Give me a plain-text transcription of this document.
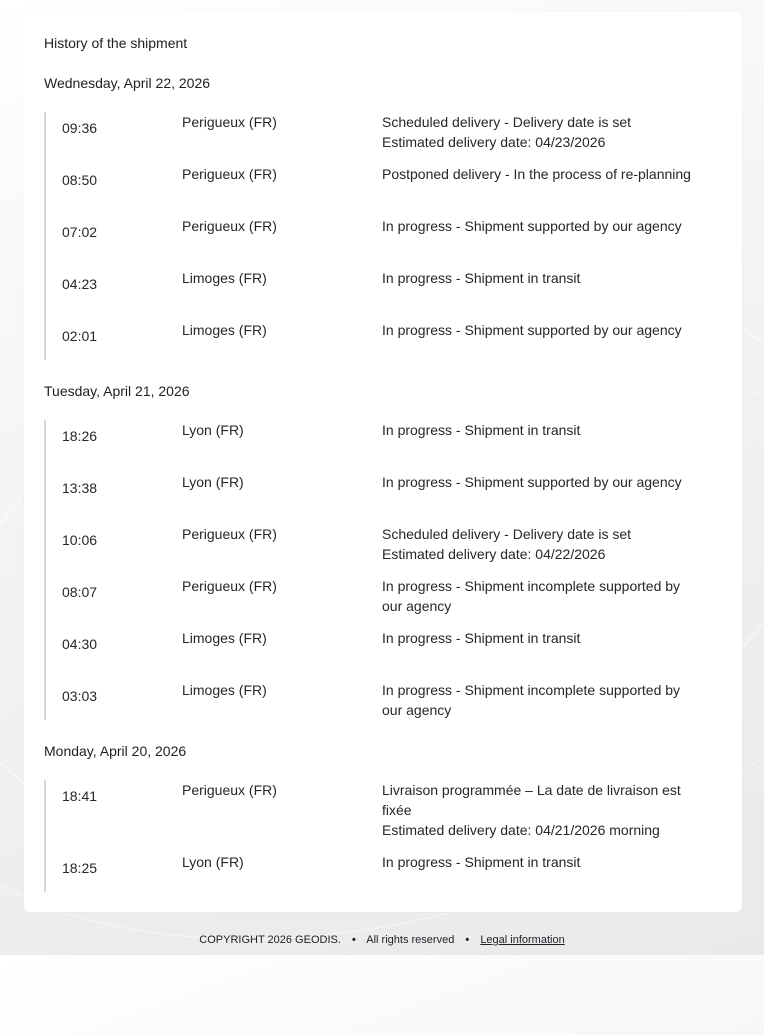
History of the shipment
Wednesday, April 22, 2026
09:36	Perigueux (FR)	Scheduled delivery - Delivery date is set
Estimated delivery date: 04/23/2026
08:50	Perigueux (FR)	Postponed delivery - In the process of re-planning
07:02	Perigueux (FR)	In progress - Shipment supported by our agency
04:23	Limoges (FR)	In progress - Shipment in transit
02:01	Limoges (FR)	In progress - Shipment supported by our agency
Tuesday, April 21, 2026
18:26	Lyon (FR)	In progress - Shipment in transit
13:38	Lyon (FR)	In progress - Shipment supported by our agency
10:06	Perigueux (FR)	Scheduled delivery - Delivery date is set
Estimated delivery date: 04/22/2026
08:07	Perigueux (FR)	In progress - Shipment incomplete supported by
our agency
04:30	Limoges (FR)	In progress - Shipment in transit
03:03	Limoges (FR)	In progress - Shipment incomplete supported by
our agency
Monday, April 20, 2026
18:41	Perigueux (FR)	Livraison programmée – La date de livraison est
fixée
Estimated delivery date: 04/21/2026 morning
18:25	Lyon (FR)	In progress - Shipment in transit
COPYRIGHT 2026 GEODIS. • All rights reserved • Legal information
